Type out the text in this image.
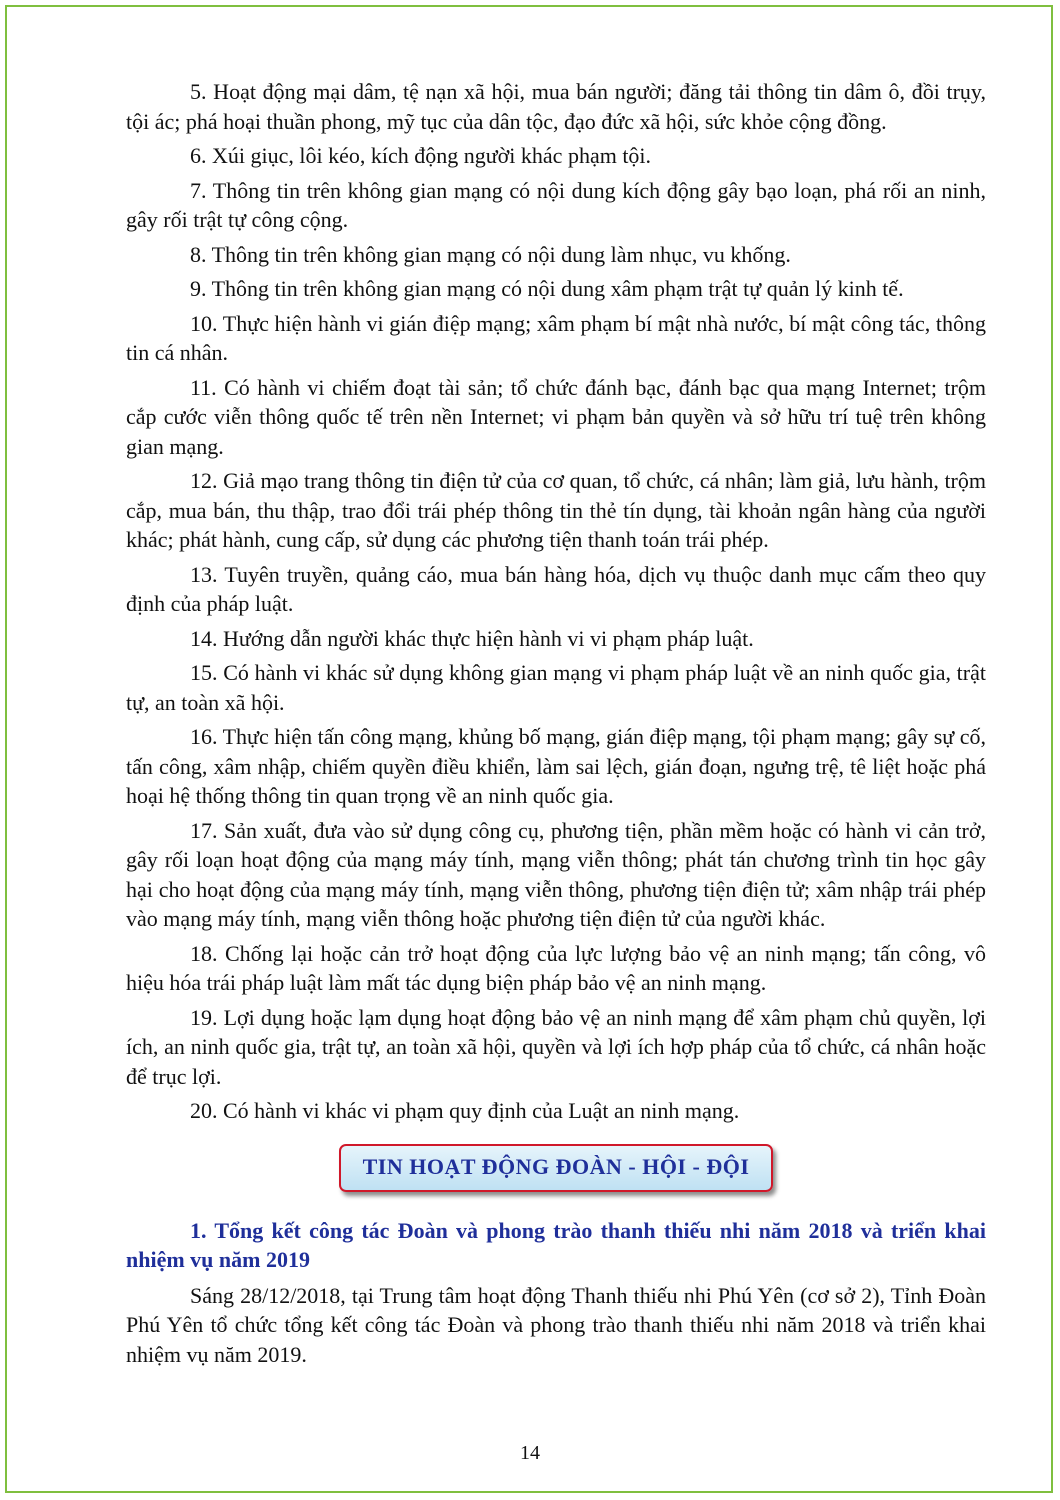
5. Hoạt động mại dâm, tệ nạn xã hội, mua bán người; đăng tải thông tin dâm ô, đồi trụy, tội ác; phá hoại thuần phong, mỹ tục của dân tộc, đạo đức xã hội, sức khỏe cộng đồng.

6. Xúi giục, lôi kéo, kích động người khác phạm tội.

7. Thông tin trên không gian mạng có nội dung kích động gây bạo loạn, phá rối an ninh, gây rối trật tự công cộng.

8. Thông tin trên không gian mạng có nội dung làm nhục, vu khống.

9. Thông tin trên không gian mạng có nội dung xâm phạm trật tự quản lý kinh tế.

10. Thực hiện hành vi gián điệp mạng; xâm phạm bí mật nhà nước, bí mật công tác, thông tin cá nhân.

11. Có hành vi chiếm đoạt tài sản; tổ chức đánh bạc, đánh bạc qua mạng Internet; trộm cắp cước viễn thông quốc tế trên nền Internet; vi phạm bản quyền và sở hữu trí tuệ trên không gian mạng.

12. Giả mạo trang thông tin điện tử của cơ quan, tổ chức, cá nhân; làm giả, lưu hành, trộm cắp, mua bán, thu thập, trao đổi trái phép thông tin thẻ tín dụng, tài khoản ngân hàng của người khác; phát hành, cung cấp, sử dụng các phương tiện thanh toán trái phép.

13. Tuyên truyền, quảng cáo, mua bán hàng hóa, dịch vụ thuộc danh mục cấm theo quy định của pháp luật.

14. Hướng dẫn người khác thực hiện hành vi vi phạm pháp luật.

15. Có hành vi khác sử dụng không gian mạng vi phạm pháp luật về an ninh quốc gia, trật tự, an toàn xã hội.

16. Thực hiện tấn công mạng, khủng bố mạng, gián điệp mạng, tội phạm mạng; gây sự cố, tấn công, xâm nhập, chiếm quyền điều khiển, làm sai lệch, gián đoạn, ngưng trệ, tê liệt hoặc phá hoại hệ thống thông tin quan trọng về an ninh quốc gia.

17. Sản xuất, đưa vào sử dụng công cụ, phương tiện, phần mềm hoặc có hành vi cản trở, gây rối loạn hoạt động của mạng máy tính, mạng viễn thông; phát tán chương trình tin học gây hại cho hoạt động của mạng máy tính, mạng viễn thông, phương tiện điện tử; xâm nhập trái phép vào mạng máy tính, mạng viễn thông hoặc phương tiện điện tử của người khác.

18. Chống lại hoặc cản trở hoạt động của lực lượng bảo vệ an ninh mạng; tấn công, vô hiệu hóa trái pháp luật làm mất tác dụng biện pháp bảo vệ an ninh mạng.

19. Lợi dụng hoặc lạm dụng hoạt động bảo vệ an ninh mạng để xâm phạm chủ quyền, lợi ích, an ninh quốc gia, trật tự, an toàn xã hội, quyền và lợi ích hợp pháp của tổ chức, cá nhân hoặc để trục lợi.

20. Có hành vi khác vi phạm quy định của Luật an ninh mạng.

TIN HOẠT ĐỘNG ĐOÀN - HỘI - ĐỘI

1. Tổng kết công tác Đoàn và phong trào thanh thiếu nhi năm 2018 và triển khai nhiệm vụ năm 2019

Sáng 28/12/2018, tại Trung tâm hoạt động Thanh thiếu nhi Phú Yên (cơ sở 2), Tỉnh Đoàn Phú Yên tổ chức tổng kết công tác Đoàn và phong trào thanh thiếu nhi năm 2018 và triển khai nhiệm vụ năm 2019.

14
